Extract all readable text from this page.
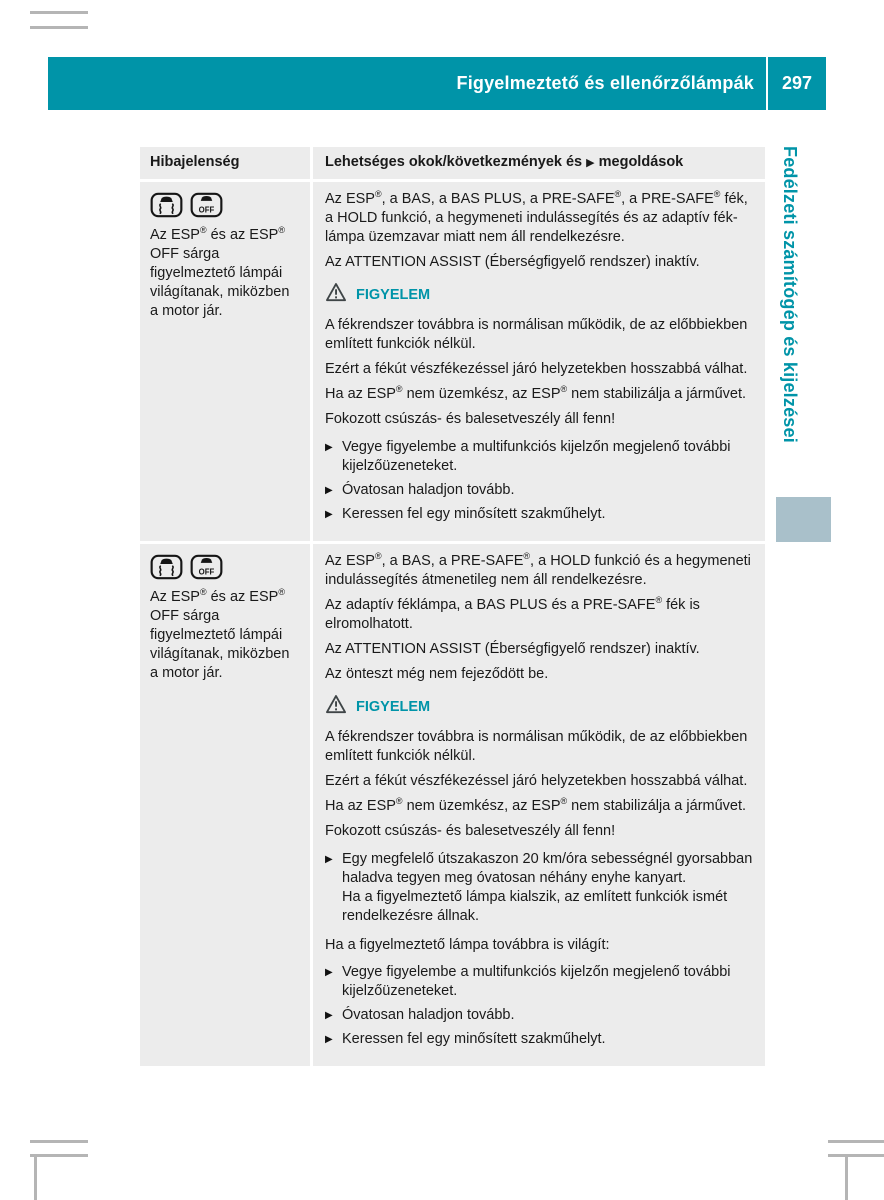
Figyelmeztető és ellenőrzőlámpák	297
Fedélzeti számítógép és kijelzései
Hibajelenség	Lehetséges okok/következmények és ▶ megoldások
OFF

Az ESP® és az ESP® OFF sárga figyelmeztető lámpái világítanak, miközben a motor jár.

Az ESP®, a BAS, a BAS PLUS, a PRE-SAFE®, a PRE-SAFE® fék, a HOLD funkció, a hegymeneti indulássegítés és az adaptív féklámpa üzemzavar miatt nem áll rendelkezésre.

Az ATTENTION ASSIST (Éberségfigyelő rendszer) inaktív.

FIGYELEM

A fékrendszer továbbra is normálisan működik, de az előbbiekben említett funkciók nélkül.

Ezért a fékút vészfékezéssel járó helyzetekben hosszabbá válhat.

Ha az ESP® nem üzemkész, az ESP® nem stabilizálja a járművet.

Fokozott csúszás- és balesetveszély áll fenn!

▶ Vegye figyelembe a multifunkciós kijelzőn megjelenő további kijelzőüzeneteket.

▶ Óvatosan haladjon tovább.

▶ Keressen fel egy minősített szakműhelyt.

OFF

Az ESP® és az ESP® OFF sárga figyelmeztető lámpái világítanak, miközben a motor jár.

Az ESP®, a BAS, a PRE-SAFE®, a HOLD funkció és a hegymeneti indulássegítés átmenetileg nem áll rendelkezésre.

Az adaptív féklámpa, a BAS PLUS és a PRE-SAFE® fék is elromolhatott.

Az ATTENTION ASSIST (Éberségfigyelő rendszer) inaktív.

Az önteszt még nem fejeződött be.

FIGYELEM

A fékrendszer továbbra is normálisan működik, de az előbbiekben említett funkciók nélkül.

Ezért a fékút vészfékezéssel járó helyzetekben hosszabbá válhat.

Ha az ESP® nem üzemkész, az ESP® nem stabilizálja a járművet.

Fokozott csúszás- és balesetveszély áll fenn!

▶ Egy megfelelő útszakaszon 20 km/óra sebességnél gyorsabban haladva tegyen meg óvatosan néhány enyhe kanyart.

Ha a figyelmeztető lámpa kialszik, az említett funkciók ismét rendelkezésre állnak.

Ha a figyelmeztető lámpa továbbra is világít:

▶ Vegye figyelembe a multifunkciós kijelzőn megjelenő további kijelzőüzeneteket.

▶ Óvatosan haladjon tovább.

▶ Keressen fel egy minősített szakműhelyt.
